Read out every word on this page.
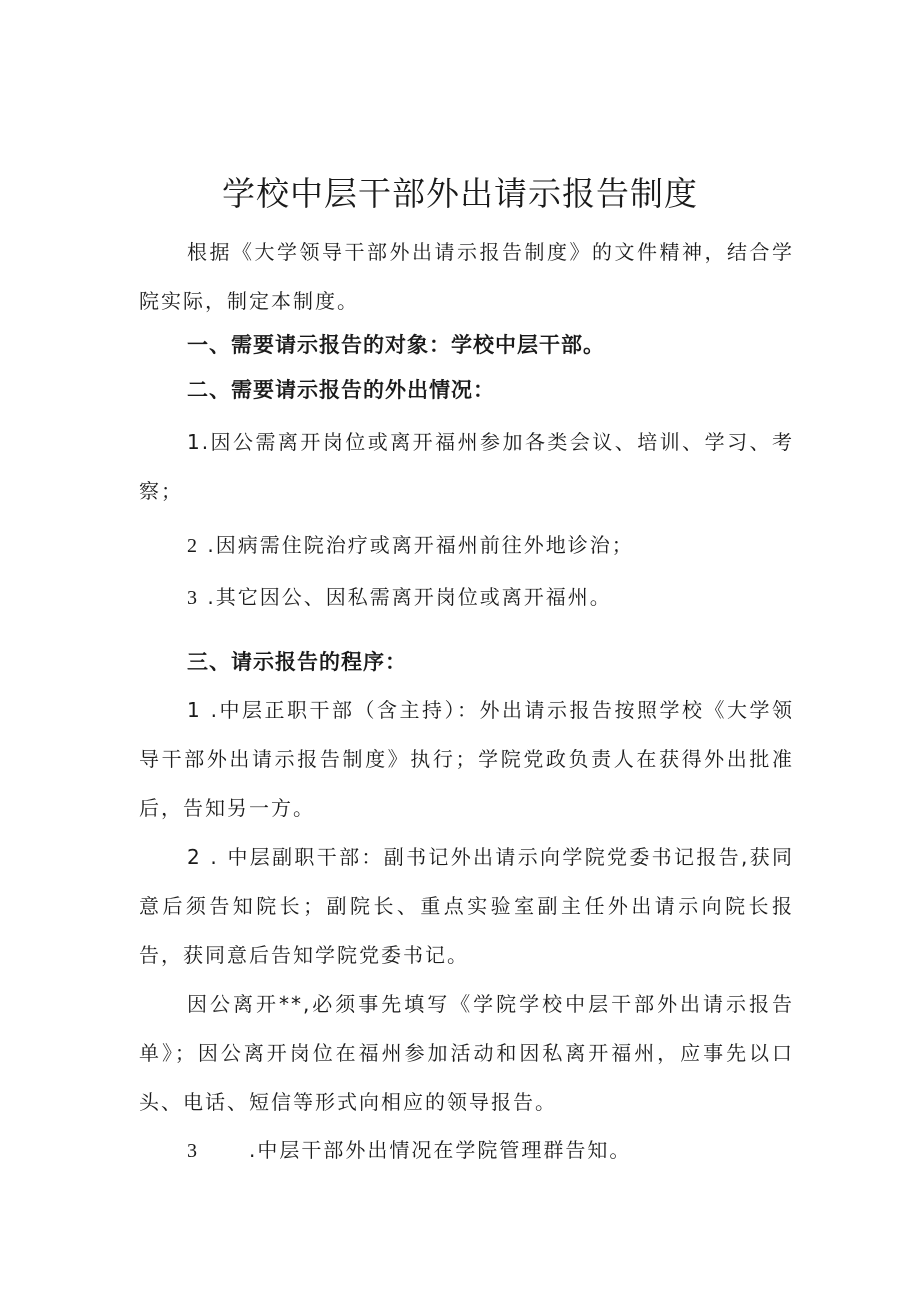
学校中层干部外出请示报告制度

根据《大学领导干部外出请示报告制度》的文件精神，结合学院实际，制定本制度。

一、需要请示报告的对象：学校中层干部。

二、需要请示报告的外出情况：

1.因公需离开岗位或离开福州参加各类会议、培训、学习、考察；

2 .因病需住院治疗或离开福州前往外地诊治；

3 .其它因公、因私需离开岗位或离开福州。

三、请示报告的程序：

1 .中层正职干部（含主持）：外出请示报告按照学校《大学领导干部外出请示报告制度》执行；学院党政负责人在获得外出批准后，告知另一方。

2 . 中层副职干部：副书记外出请示向学院党委书记报告,获同意后须告知院长；副院长、重点实验室副主任外出请示向院长报告，获同意后告知学院党委书记。

因公离开**,必须事先填写《学院学校中层干部外出请示报告单》；因公离开岗位在福州参加活动和因私离开福州，应事先以口头、电话、短信等形式向相应的领导报告。

3	.中层干部外出情况在学院管理群告知。
